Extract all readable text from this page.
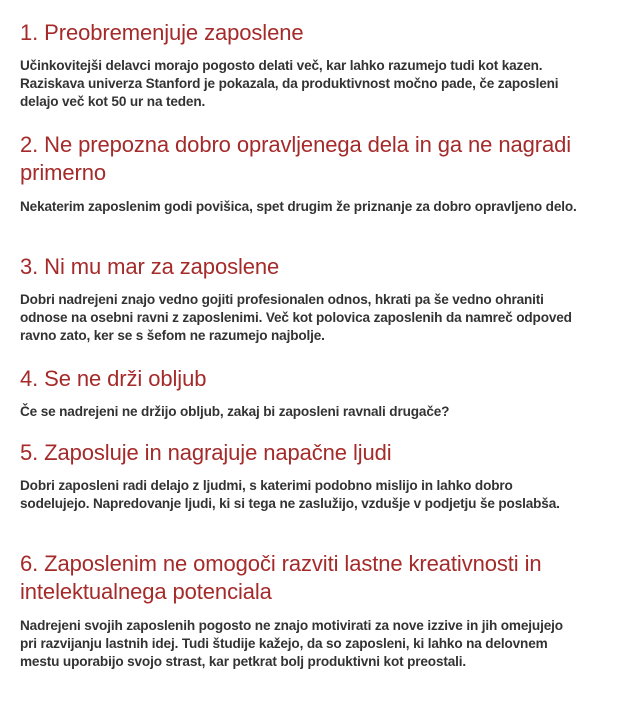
1. Preobremenjuje zaposlene

Učinkovitejši delavci morajo pogosto delati več, kar lahko razumejo tudi kot kazen. Raziskava univerza Stanford je pokazala, da produktivnost močno pade, če zaposleni delajo več kot 50 ur na teden.

2. Ne prepozna dobro opravljenega dela in ga ne nagradi primerno

Nekaterim zaposlenim godi povišica, spet drugim že priznanje za dobro opravljeno delo.

3. Ni mu mar za zaposlene

Dobri nadrejeni znajo vedno gojiti profesionalen odnos, hkrati pa še vedno ohraniti odnose na osebni ravni z zaposlenimi. Več kot polovica zaposlenih da namreč odpoved ravno zato, ker se s šefom ne razumejo najbolje.

4. Se ne drži obljub

Če se nadrejeni ne držijo obljub, zakaj bi zaposleni ravnali drugače?

5. Zaposluje in nagrajuje napačne ljudi

Dobri zaposleni radi delajo z ljudmi, s katerimi podobno mislijo in lahko dobro sodelujejo. Napredovanje ljudi, ki si tega ne zaslužijo, vzdušje v podjetju še poslabša.

6. Zaposlenim ne omogoči razviti lastne kreativnosti in intelektualnega potenciala

Nadrejeni svojih zaposlenih pogosto ne znajo motivirati za nove izzive in jih omejujejo pri razvijanju lastnih idej. Tudi študije kažejo, da so zaposleni, ki lahko na delovnem mestu uporabijo svojo strast, kar petkrat bolj produktivni kot preostali.
